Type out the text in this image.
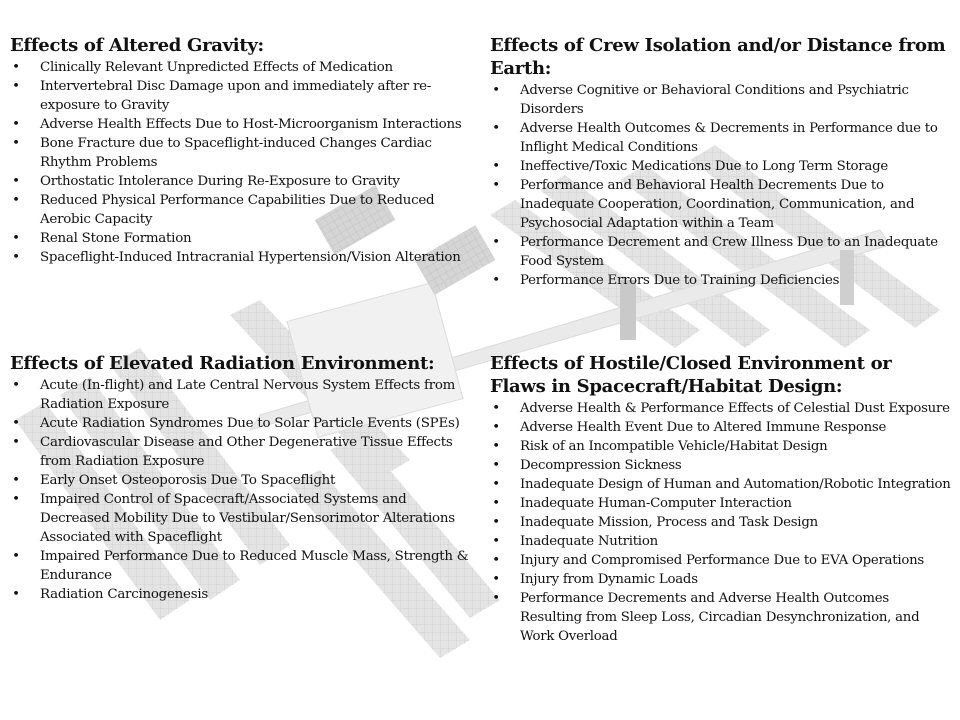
Effects of Altered Gravity:
• Clinically Relevant Unpredicted Effects of Medication
• Intervertebral Disc Damage upon and immediately after re-exposure to Gravity
• Adverse Health Effects Due to Host-Microorganism Interactions
• Bone Fracture due to Spaceflight-induced Changes Cardiac Rhythm Problems
• Orthostatic Intolerance During Re-Exposure to Gravity
• Reduced Physical Performance Capabilities Due to Reduced Aerobic Capacity
• Renal Stone Formation
• Spaceflight-Induced Intracranial Hypertension/Vision Alteration
Effects of Crew Isolation and/or Distance from Earth:
• Adverse Cognitive or Behavioral Conditions and Psychiatric Disorders
• Adverse Health Outcomes & Decrements in Performance due to Inflight Medical Conditions
• Ineffective/Toxic Medications Due to Long Term Storage
• Performance and Behavioral Health Decrements Due to Inadequate Cooperation, Coordination, Communication, and Psychosocial Adaptation within a Team
• Performance Decrement and Crew Illness Due to an Inadequate Food System
• Performance Errors Due to Training Deficiencies
Effects of Elevated Radiation Environment:
• Acute (In-flight) and Late Central Nervous System Effects from Radiation Exposure
• Acute Radiation Syndromes Due to Solar Particle Events (SPEs)
• Cardiovascular Disease and Other Degenerative Tissue Effects from Radiation Exposure
• Early Onset Osteoporosis Due To Spaceflight
• Impaired Control of Spacecraft/Associated Systems and Decreased Mobility Due to Vestibular/Sensorimotor Alterations Associated with Spaceflight
• Impaired Performance Due to Reduced Muscle Mass, Strength & Endurance
• Radiation Carcinogenesis
Effects of Hostile/Closed Environment or Flaws in Spacecraft/Habitat Design:
• Adverse Health & Performance Effects of Celestial Dust Exposure
• Adverse Health Event Due to Altered Immune Response
• Risk of an Incompatible Vehicle/Habitat Design
• Decompression Sickness
• Inadequate Design of Human and Automation/Robotic Integration
• Inadequate Human-Computer Interaction
• Inadequate Mission, Process and Task Design
• Inadequate Nutrition
• Injury and Compromised Performance Due to EVA Operations
• Injury from Dynamic Loads
• Performance Decrements and Adverse Health Outcomes Resulting from Sleep Loss, Circadian Desynchronization, and Work Overload
